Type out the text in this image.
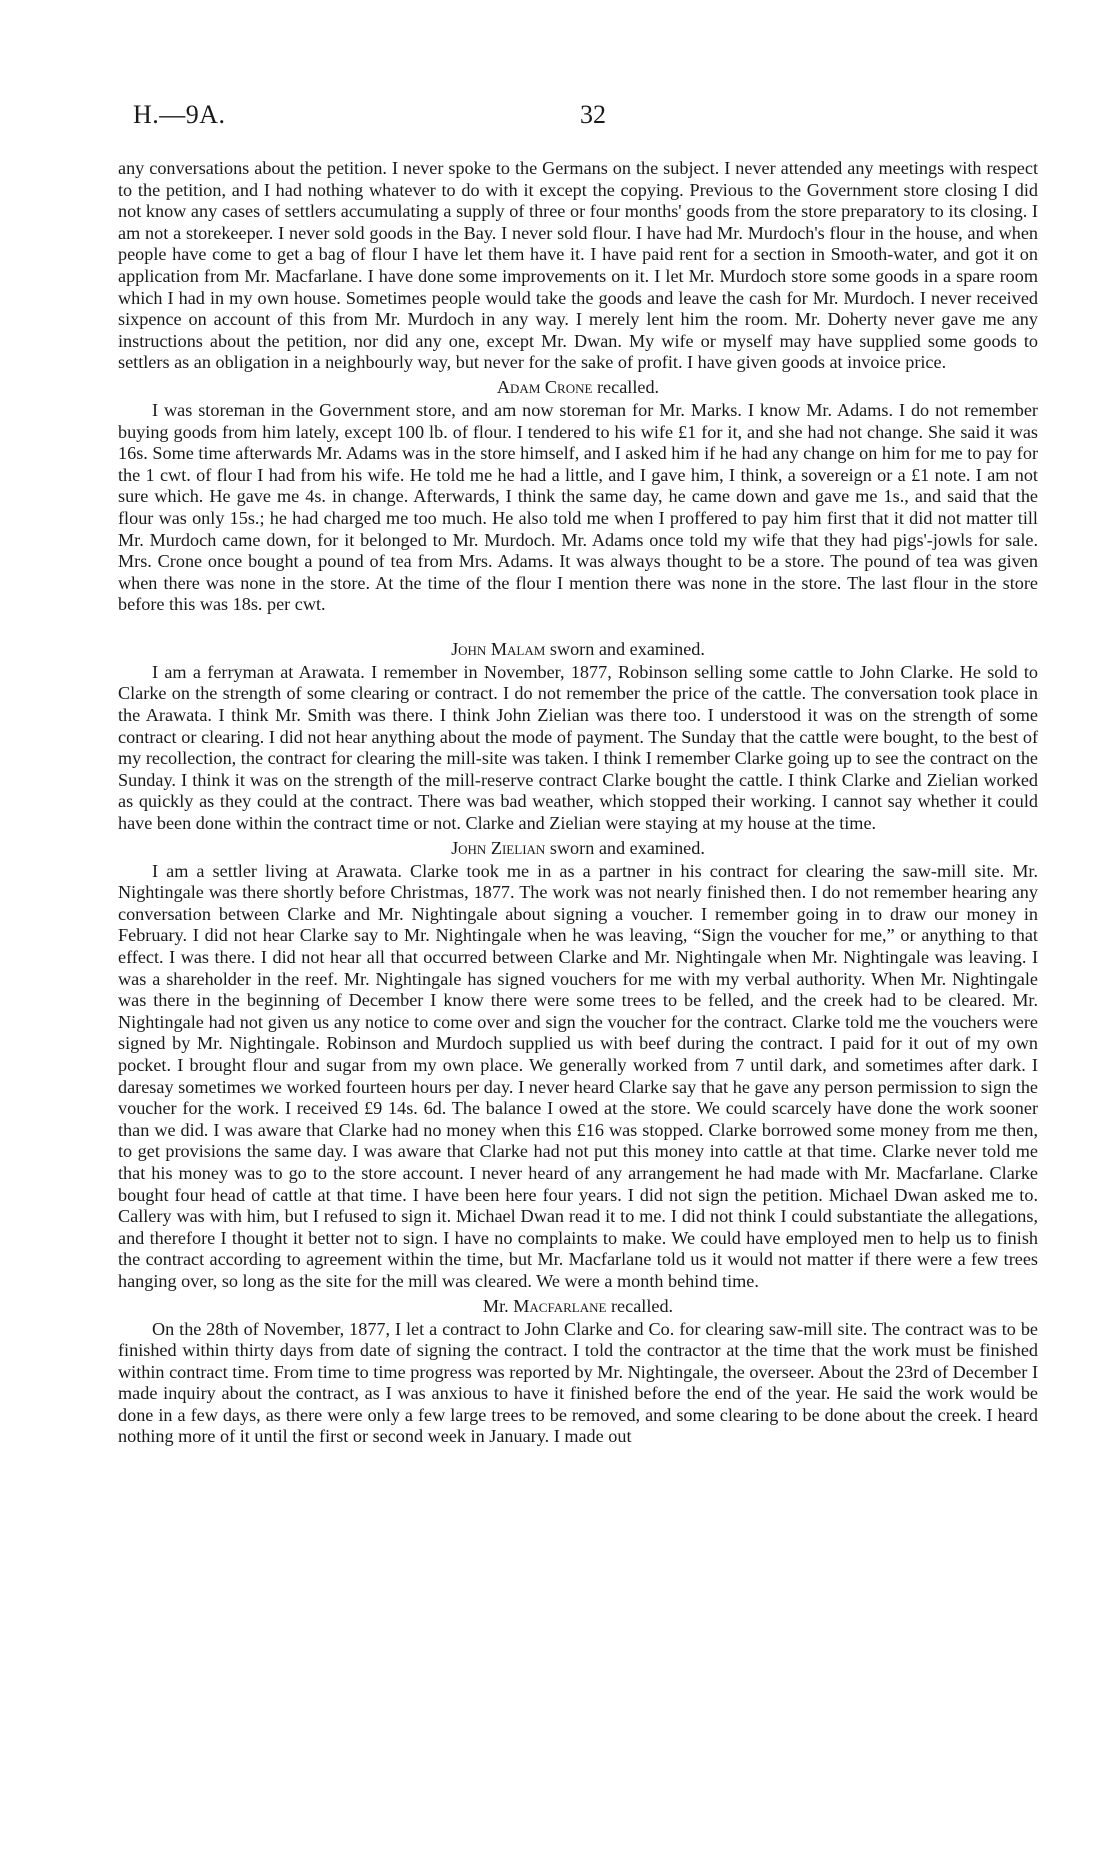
H.—9A.	32

any conversations about the petition. I never spoke to the Germans on the subject. I never attended any meetings with respect to the petition, and I had nothing whatever to do with it except the copying. Previous to the Government store closing I did not know any cases of settlers accumulating a supply of three or four months' goods from the store preparatory to its closing. I am not a storekeeper. I never sold goods in the Bay. I never sold flour. I have had Mr. Murdoch's flour in the house, and when people have come to get a bag of flour I have let them have it. I have paid rent for a section in Smooth-water, and got it on application from Mr. Macfarlane. I have done some improvements on it. I let Mr. Murdoch store some goods in a spare room which I had in my own house. Sometimes people would take the goods and leave the cash for Mr. Murdoch. I never received sixpence on account of this from Mr. Murdoch in any way. I merely lent him the room. Mr. Doherty never gave me any instructions about the petition, nor did any one, except Mr. Dwan. My wife or myself may have supplied some goods to settlers as an obligation in a neighbourly way, but never for the sake of profit. I have given goods at invoice price.

Adam Crone recalled.

I was storeman in the Government store, and am now storeman for Mr. Marks. I know Mr. Adams. I do not remember buying goods from him lately, except 100 lb. of flour. I tendered to his wife £1 for it, and she had not change. She said it was 16s. Some time afterwards Mr. Adams was in the store himself, and I asked him if he had any change on him for me to pay for the 1 cwt. of flour I had from his wife. He told me he had a little, and I gave him, I think, a sovereign or a £1 note. I am not sure which. He gave me 4s. in change. Afterwards, I think the same day, he came down and gave me 1s., and said that the flour was only 15s.; he had charged me too much. He also told me when I proffered to pay him first that it did not matter till Mr. Murdoch came down, for it belonged to Mr. Murdoch. Mr. Adams once told my wife that they had pigs'-jowls for sale. Mrs. Crone once bought a pound of tea from Mrs. Adams. It was always thought to be a store. The pound of tea was given when there was none in the store. At the time of the flour I mention there was none in the store. The last flour in the store before this was 18s. per cwt.

John Malam sworn and examined.

I am a ferryman at Arawata. I remember in November, 1877, Robinson selling some cattle to John Clarke. He sold to Clarke on the strength of some clearing or contract. I do not remember the price of the cattle. The conversation took place in the Arawata. I think Mr. Smith was there. I think John Zielian was there too. I understood it was on the strength of some contract or clearing. I did not hear anything about the mode of payment. The Sunday that the cattle were bought, to the best of my recollection, the contract for clearing the mill-site was taken. I think I remember Clarke going up to see the contract on the Sunday. I think it was on the strength of the mill-reserve contract Clarke bought the cattle. I think Clarke and Zielian worked as quickly as they could at the contract. There was bad weather, which stopped their working. I cannot say whether it could have been done within the contract time or not. Clarke and Zielian were staying at my house at the time.

John Zielian sworn and examined.

I am a settler living at Arawata. Clarke took me in as a partner in his contract for clearing the saw-mill site. Mr. Nightingale was there shortly before Christmas, 1877. The work was not nearly finished then. I do not remember hearing any conversation between Clarke and Mr. Nightingale about signing a voucher. I remember going in to draw our money in February. I did not hear Clarke say to Mr. Nightingale when he was leaving, “Sign the voucher for me,” or anything to that effect. I was there. I did not hear all that occurred between Clarke and Mr. Nightingale when Mr. Nightingale was leaving. I was a shareholder in the reef. Mr. Nightingale has signed vouchers for me with my verbal authority. When Mr. Nightingale was there in the beginning of December I know there were some trees to be felled, and the creek had to be cleared. Mr. Nightingale had not given us any notice to come over and sign the voucher for the contract. Clarke told me the vouchers were signed by Mr. Nightingale. Robinson and Murdoch supplied us with beef during the contract. I paid for it out of my own pocket. I brought flour and sugar from my own place. We generally worked from 7 until dark, and sometimes after dark. I daresay sometimes we worked fourteen hours per day. I never heard Clarke say that he gave any person permission to sign the voucher for the work. I received £9 14s. 6d. The balance I owed at the store. We could scarcely have done the work sooner than we did. I was aware that Clarke had no money when this £16 was stopped. Clarke borrowed some money from me then, to get provisions the same day. I was aware that Clarke had not put this money into cattle at that time. Clarke never told me that his money was to go to the store account. I never heard of any arrangement he had made with Mr. Macfarlane. Clarke bought four head of cattle at that time. I have been here four years. I did not sign the petition. Michael Dwan asked me to. Callery was with him, but I refused to sign it. Michael Dwan read it to me. I did not think I could substantiate the allegations, and therefore I thought it better not to sign. I have no complaints to make. We could have employed men to help us to finish the contract according to agreement within the time, but Mr. Macfarlane told us it would not matter if there were a few trees hanging over, so long as the site for the mill was cleared. We were a month behind time.

Mr. Macfarlane recalled.

On the 28th of November, 1877, I let a contract to John Clarke and Co. for clearing saw-mill site. The contract was to be finished within thirty days from date of signing the contract. I told the contractor at the time that the work must be finished within contract time. From time to time progress was reported by Mr. Nightingale, the overseer. About the 23rd of December I made inquiry about the contract, as I was anxious to have it finished before the end of the year. He said the work would be done in a few days, as there were only a few large trees to be removed, and some clearing to be done about the creek. I heard nothing more of it until the first or second week in January. I made out
